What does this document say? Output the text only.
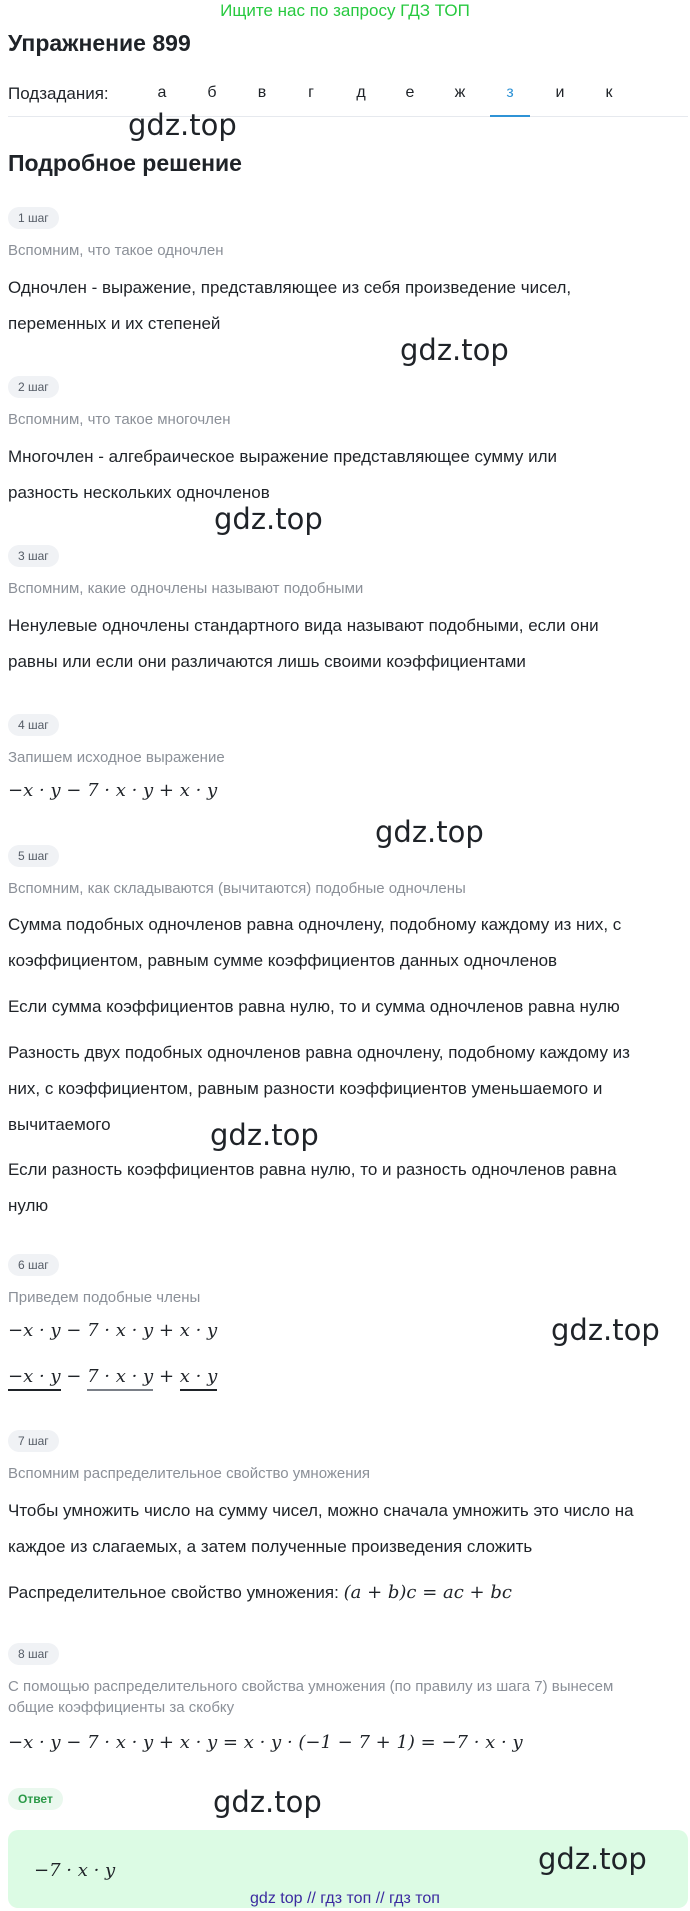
Ищите нас по запросу ГДЗ ТОП
Упражнение 899
Подзадания:	а	б	в	г	д	е	ж	з	и	к
gdz.top
Подробное решение
1 шаг
Вспомним, что такое одночлен
Одночлен - выражение, представляющее из себя произведение чисел,
переменных и их степеней
gdz.top
2 шаг
Вспомним, что такое многочлен
Многочлен - алгебраическое выражение представляющее сумму или
разность нескольких одночленов
gdz.top
3 шаг
Вспомним, какие одночлены называют подобными
Ненулевые одночлены стандартного вида называют подобными, если они
равны или если они различаются лишь своими коэффициентами
4 шаг
Запишем исходное выражение
−x · y − 7 · x · y + x · y
gdz.top
5 шаг
Вспомним, как складываются (вычитаются) подобные одночлены
Сумма подобных одночленов равна одночлену, подобному каждому из них, с
коэффициентом, равным сумме коэффициентов данных одночленов
Если сумма коэффициентов равна нулю, то и сумма одночленов равна нулю
Разность двух подобных одночленов равна одночлену, подобному каждому из
них, с коэффициентом, равным разности коэффициентов уменьшаемого и
вычитаемого	gdz.top
Если разность коэффициентов равна нулю, то и разность одночленов равна
нулю
6 шаг
Приведем подобные члены
−x · y − 7 · x · y + x · y	gdz.top
−x · y − 7 · x · y + x · y
7 шаг
Вспомним распределительное свойство умножения
Чтобы умножить число на сумму чисел, можно сначала умножить это число на
каждое из слагаемых, а затем полученные произведения сложить
Распределительное свойство умножения: (a + b)c = ac + bc
8 шаг
С помощью распределительного свойства умножения (по правилу из шага 7) вынесем
общие коэффициенты за скобку
−x · y − 7 · x · y + x · y = x · y · (−1 − 7 + 1) = −7 · x · y
Ответ	gdz.top
−7 · x · y	gdz.top
gdz top // гдз топ // гдз топ
